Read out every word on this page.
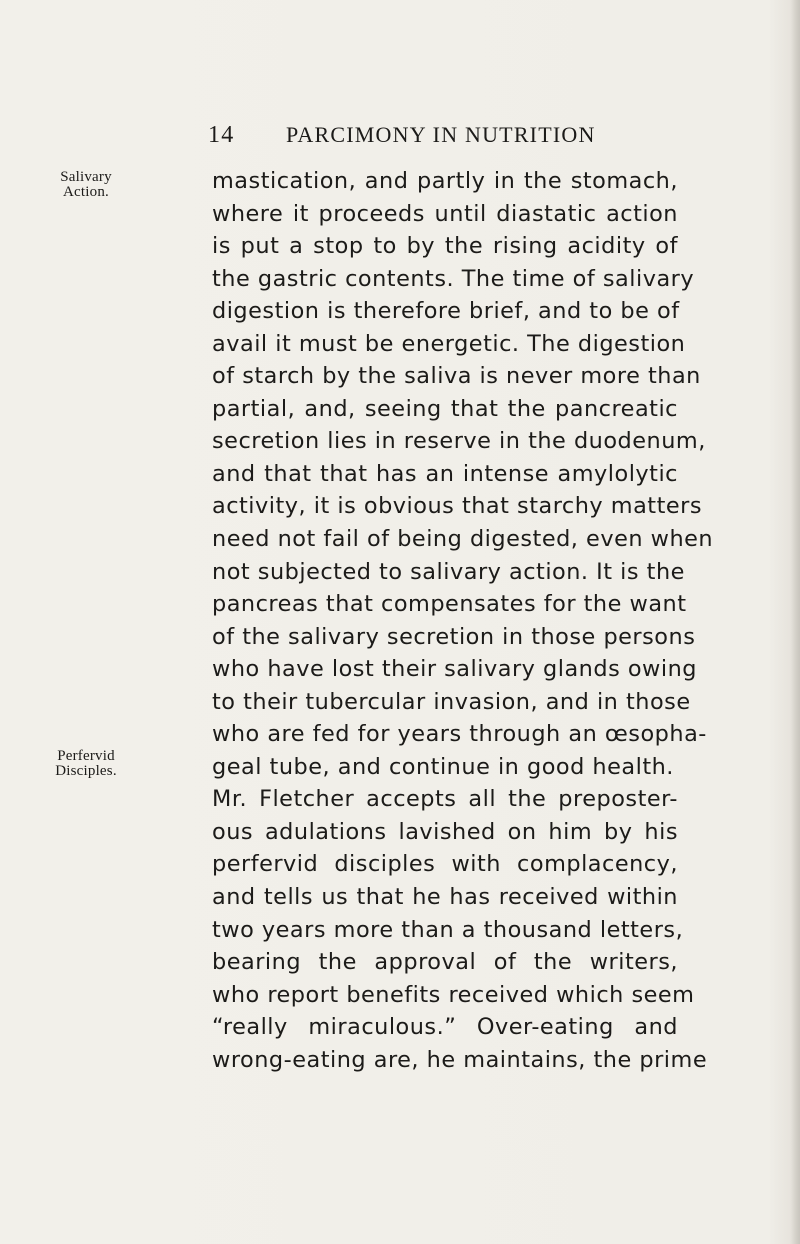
14 PARCIMONY IN NUTRITION
Salivary
Action.
Perfervid
Disciples.
mastication, and partly in the stomach,
where it proceeds until diastatic action
is put a stop to by the rising acidity of
the gastric contents. The time of salivary
digestion is therefore brief, and to be of
avail it must be energetic. The digestion
of starch by the saliva is never more than
partial, and, seeing that the pancreatic
secretion lies in reserve in the duodenum,
and that that has an intense amylolytic
activity, it is obvious that starchy matters
need not fail of being digested, even when
not subjected to salivary action. It is the
pancreas that compensates for the want
of the salivary secretion in those persons
who have lost their salivary glands owing
to their tubercular invasion, and in those
who are fed for years through an œsopha-
geal tube, and continue in good health.
Mr. Fletcher accepts all the preposter-
ous adulations lavished on him by his
perfervid disciples with complacency,
and tells us that he has received within
two years more than a thousand letters,
bearing the approval of the writers,
who report benefits received which seem
“really miraculous.” Over-eating and
wrong-eating are, he maintains, the prime
